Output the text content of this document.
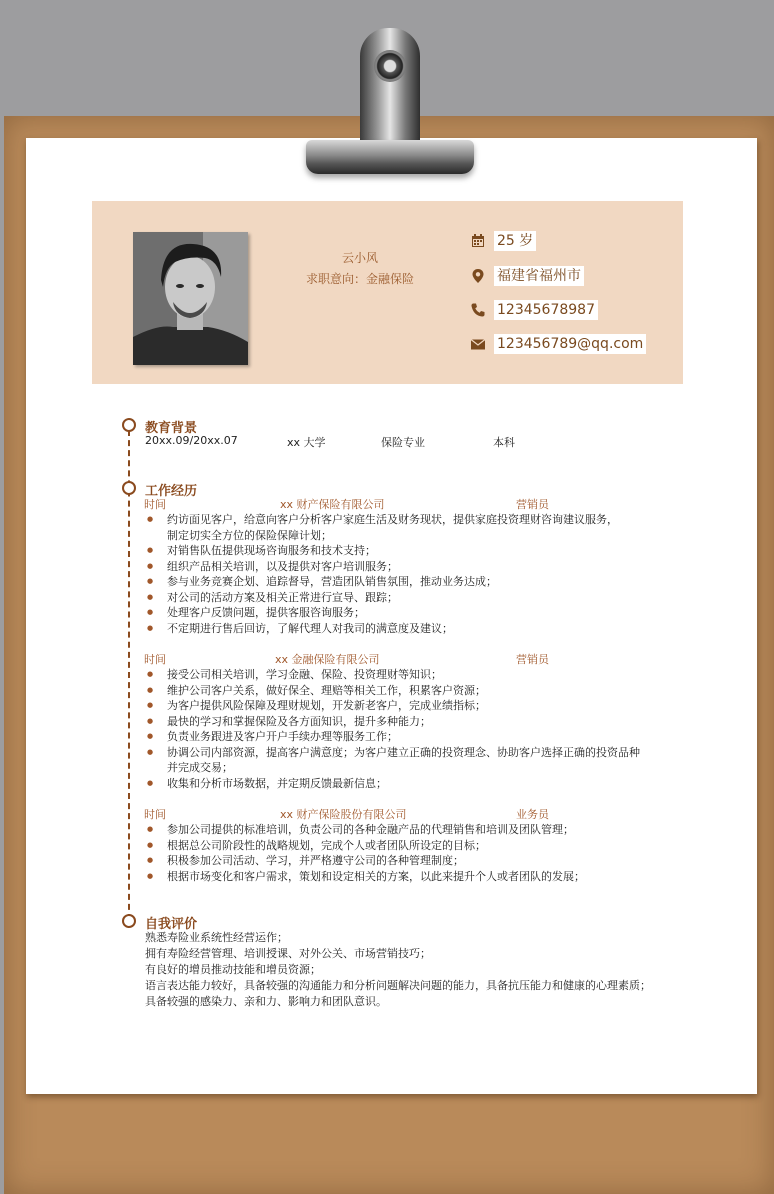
云小风
求职意向：金融保险
25 岁
福建省福州市
12345678987
123456789@qq.com
教育背景
20xx.09/20xx.07	xx 大学	保险专业	本科
工作经历
时间	xx 财产保险有限公司	营销员
● 约访面见客户，给意向客户分析客户家庭生活及财务现状，提供家庭投资理财咨询建议服务，
制定切实全方位的保险保障计划；
● 对销售队伍提供现场咨询服务和技术支持；
● 组织产品相关培训，以及提供对客户培训服务；
● 参与业务竞赛企划、追踪督导，营造团队销售氛围，推动业务达成；
● 对公司的活动方案及相关正常进行宣导、跟踪；
● 处理客户反馈问题，提供客服咨询服务；
● 不定期进行售后回访，了解代理人对我司的满意度及建议；
时间	xx 金融保险有限公司	营销员
● 接受公司相关培训，学习金融、保险、投资理财等知识；
● 维护公司客户关系，做好保全、理赔等相关工作，积累客户资源；
● 为客户提供风险保障及理财规划，开发新老客户，完成业绩指标；
● 最快的学习和掌握保险及各方面知识，提升多种能力；
● 负责业务跟进及客户开户手续办理等服务工作；
● 协调公司内部资源，提高客户满意度；为客户建立正确的投资理念、协助客户选择正确的投资品种
并完成交易；
● 收集和分析市场数据，并定期反馈最新信息；
时间	xx 财产保险股份有限公司	业务员
● 参加公司提供的标准培训，负责公司的各种金融产品的代理销售和培训及团队管理；
● 根据总公司阶段性的战略规划，完成个人或者团队所设定的目标；
● 积极参加公司活动、学习，并严格遵守公司的各种管理制度；
● 根据市场变化和客户需求，策划和设定相关的方案，以此来提升个人或者团队的发展；
自我评价
熟悉寿险业系统性经营运作；
拥有寿险经营管理、培训授课、对外公关、市场营销技巧；
有良好的增员推动技能和增员资源；
语言表达能力较好，具备较强的沟通能力和分析问题解决问题的能力，具备抗压能力和健康的心理素质；
具备较强的感染力、亲和力、影响力和团队意识。
